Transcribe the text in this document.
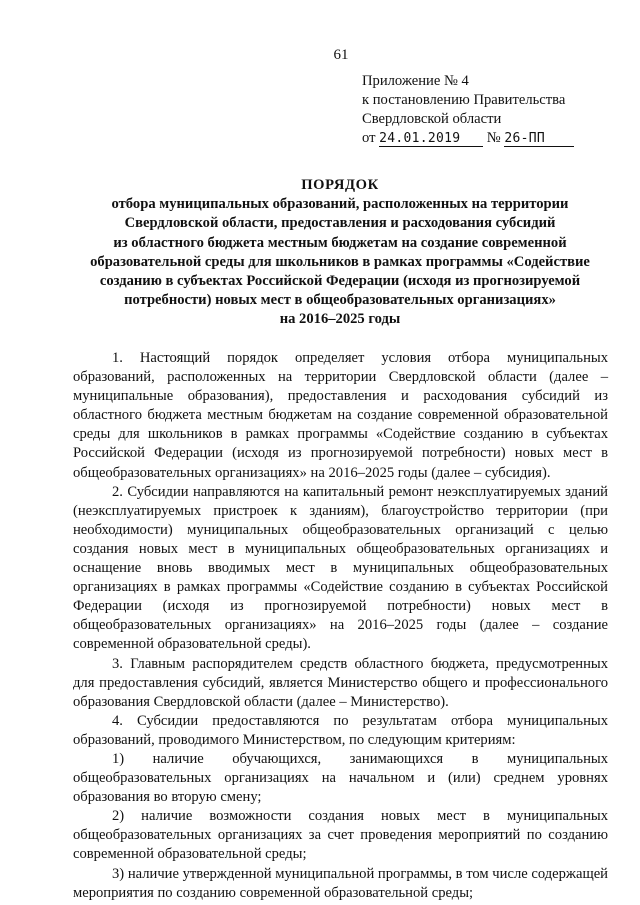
61
Приложение № 4
к постановлению Правительства
Свердловской области
от 24.01.2019 № 26-ПП
ПОРЯДОК
отбора муниципальных образований, расположенных на территории
Свердловской области, предоставления и расходования субсидий
из областного бюджета местным бюджетам на создание современной
образовательной среды для школьников в рамках программы «Содействие
созданию в субъектах Российской Федерации (исходя из прогнозируемой
потребности) новых мест в общеобразовательных организациях»
на 2016–2025 годы

1. Настоящий порядок определяет условия отбора муниципальных образований, расположенных на территории Свердловской области (далее – муниципальные образования), предоставления и расходования субсидий из областного бюджета местным бюджетам на создание современной образовательной среды для школьников в рамках программы «Содействие созданию в субъектах Российской Федерации (исходя из прогнозируемой потребности) новых мест в общеобразовательных организациях» на 2016–2025 годы (далее – субсидия).

2. Субсидии направляются на капитальный ремонт неэксплуатируемых зданий (неэксплуатируемых пристроек к зданиям), благоустройство территории (при необходимости) муниципальных общеобразовательных организаций с целью создания новых мест в муниципальных общеобразовательных организациях и оснащение вновь вводимых мест в муниципальных общеобразовательных организациях в рамках программы «Содействие созданию в субъектах Российской Федерации (исходя из прогнозируемой потребности) новых мест в общеобразовательных организациях» на 2016–2025 годы (далее – создание современной образовательной среды).

3. Главным распорядителем средств областного бюджета, предусмотренных для предоставления субсидий, является Министерство общего и профессионального образования Свердловской области (далее – Министерство).

4. Субсидии предоставляются по результатам отбора муниципальных образований, проводимого Министерством, по следующим критериям:

1) наличие обучающихся, занимающихся в муниципальных общеобразовательных организациях на начальном и (или) среднем уровнях образования во вторую смену;

2) наличие возможности создания новых мест в муниципальных общеобразовательных организациях за счет проведения мероприятий по созданию современной образовательной среды;

3) наличие утвержденной муниципальной программы, в том числе содержащей мероприятия по созданию современной образовательной среды;
